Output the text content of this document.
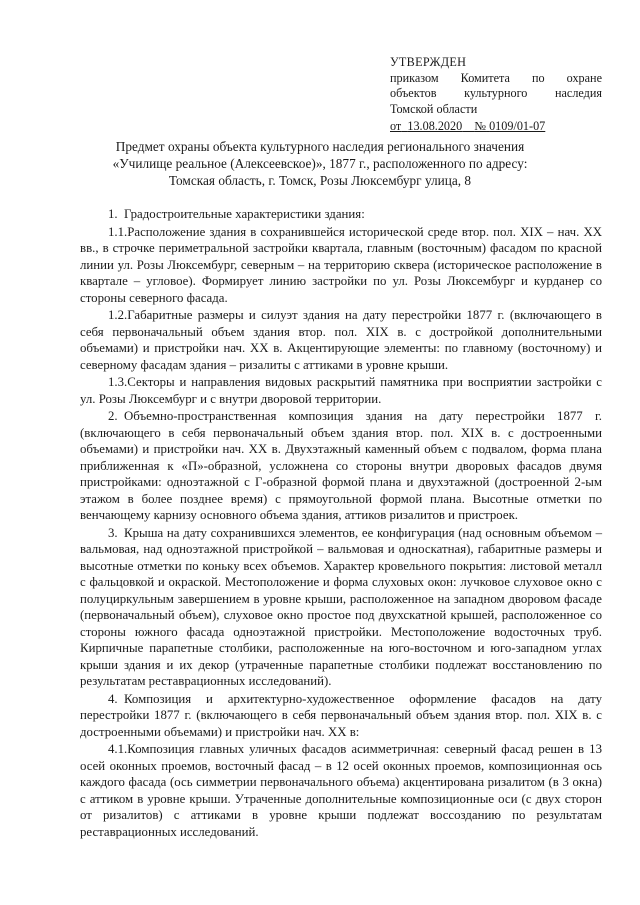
УТВЕРЖДЕН
приказом Комитета по охране
объектов культурного наследия
Томской области
от 13.08.2020 № 0109/01-07
Предмет охраны объекта культурного наследия регионального значения
«Училище реальное (Алексеевское)», 1877 г., расположенного по адресу:
Томская область, г. Томск, Розы Люксембург улица, 8

1. Градостроительные характеристики здания:

1.1.Расположение здания в сохранившейся исторической среде втор. пол. XIX – нач. XX вв., в строчке периметральной застройки квартала, главным (восточным) фасадом по красной линии ул. Розы Люксембург, северным – на территорию сквера (историческое расположение в квартале – угловое). Формирует линию застройки по ул. Розы Люксембург и курданер со стороны северного фасада.

1.2.Габаритные размеры и силуэт здания на дату перестройки 1877 г. (включающего в себя первоначальный объем здания втор. пол. XIX в. с достройкой дополнительными объемами) и пристройки нач. XX в. Акцентирующие элементы: по главному (восточному) и северному фасадам здания – ризалиты с аттиками в уровне крыши.

1.3.Секторы и направления видовых раскрытий памятника при восприятии застройки с ул. Розы Люксембург и с внутри дворовой территории.

2. Объемно-пространственная композиция здания на дату перестройки 1877 г. (включающего в себя первоначальный объем здания втор. пол. XIX в. с достроенными объемами) и пристройки нач. XX в. Двухэтажный каменный объем с подвалом, форма плана приближенная к «П»-образной, усложнена со стороны внутри дворовых фасадов двумя пристройками: одноэтажной с Г-образной формой плана и двухэтажной (достроенной 2-ым этажом в более позднее время) с прямоугольной формой плана. Высотные отметки по венчающему карнизу основного объема здания, аттиков ризалитов и пристроек.

3. Крыша на дату сохранившихся элементов, ее конфигурация (над основным объемом – вальмовая, над одноэтажной пристройкой – вальмовая и односкатная), габаритные размеры и высотные отметки по коньку всех объемов. Характер кровельного покрытия: листовой металл с фальцовкой и окраской. Местоположение и форма слуховых окон: лучковое слуховое окно с полуциркульным завершением в уровне крыши, расположенное на западном дворовом фасаде (первоначальный объем), слуховое окно простое под двухскатной крышей, расположенное со стороны южного фасада одноэтажной пристройки. Местоположение водосточных труб. Кирпичные парапетные столбики, расположенные на юго-восточном и юго-западном углах крыши здания и их декор (утраченные парапетные столбики подлежат восстановлению по результатам реставрационных исследований).

4. Композиция и архитектурно-художественное оформление фасадов на дату перестройки 1877 г. (включающего в себя первоначальный объем здания втор. пол. XIX в. с достроенными объемами) и пристройки нач. XX в:

4.1.Композиция главных уличных фасадов асимметричная: северный фасад решен в 13 осей оконных проемов, восточный фасад – в 12 осей оконных проемов, композиционная ось каждого фасада (ось симметрии первоначального объема) акцентирована ризалитом (в 3 окна) с аттиком в уровне крыши. Утраченные дополнительные композиционные оси (с двух сторон от ризалитов) с аттиками в уровне крыши подлежат воссозданию по результатам реставрационных исследований.
